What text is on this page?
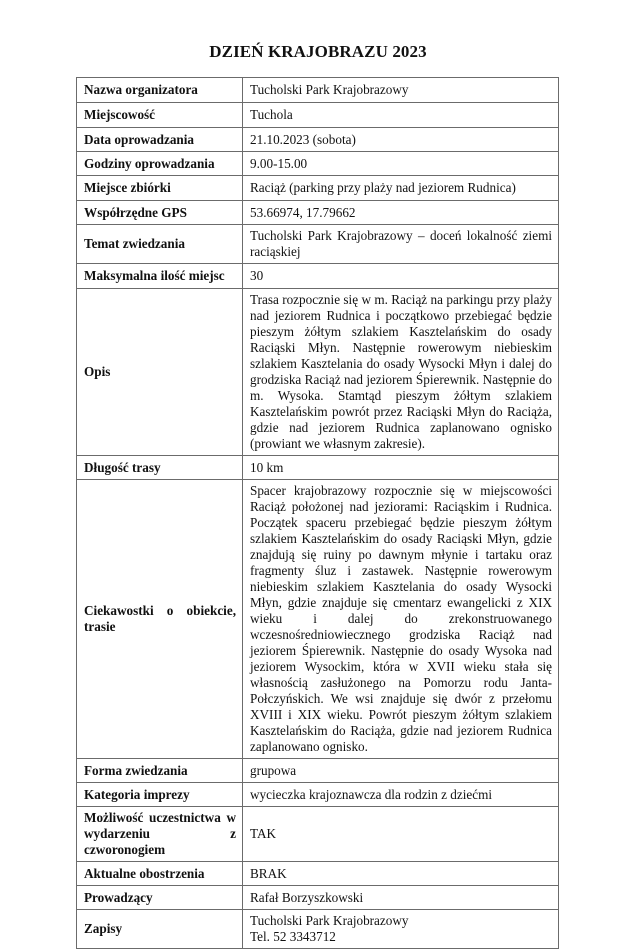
DZIEŃ KRAJOBRAZU 2023
Nazwa organizatora	Tucholski Park Krajobrazowy
Miejscowość	Tuchola
Data oprowadzania	21.10.2023 (sobota)
Godziny oprowadzania	9.00-15.00
Miejsce zbiórki	Raciąż (parking przy plaży nad jeziorem Rudnica)
Współrzędne GPS	53.66974, 17.79662
Temat zwiedzania	Tucholski Park Krajobrazowy – doceń lokalność ziemi raciąskiej
Maksymalna ilość miejsc	30
Opis	Trasa rozpocznie się w m. Raciąż na parkingu przy plaży nad jeziorem Rudnica i początkowo przebiegać będzie pieszym żółtym szlakiem Kasztelańskim do osady Raciąski Młyn. Następnie rowerowym niebieskim szlakiem Kasztelania do osady Wysocki Młyn i dalej do grodziska Raciąż nad jeziorem Śpierewnik. Następnie do m. Wysoka. Stamtąd pieszym żółtym szlakiem Kasztelańskim powrót przez Raciąski Młyn do Raciąża, gdzie nad jeziorem Rudnica zaplanowano ognisko (prowiant we własnym zakresie).
Długość trasy	10 km
Ciekawostki o obiekcie, trasie	Spacer krajobrazowy rozpocznie się w miejscowości Raciąż położonej nad jeziorami: Raciąskim i Rudnica. Początek spaceru przebiegać będzie pieszym żółtym szlakiem Kasztelańskim do osady Raciąski Młyn, gdzie znajdują się ruiny po dawnym młynie i tartaku oraz fragmenty śluz i zastawek. Następnie rowerowym niebieskim szlakiem Kasztelania do osady Wysocki Młyn, gdzie znajduje się cmentarz ewangelicki z XIX wieku i dalej do zrekonstruowanego wczesnośredniowiecznego grodziska Raciąż nad jeziorem Śpierewnik. Następnie do osady Wysoka nad jeziorem Wysockim, która w XVII wieku stała się własnością zasłużonego na Pomorzu rodu Janta-Połczyńskich. We wsi znajduje się dwór z przełomu XVIII i XIX wieku. Powrót pieszym żółtym szlakiem Kasztelańskim do Raciąża, gdzie nad jeziorem Rudnica zaplanowano ognisko.
Forma zwiedzania	grupowa
Kategoria imprezy	wycieczka krajoznawcza dla rodzin z dziećmi
Możliwość uczestnictwa w wydarzeniu z czworonogiem	TAK
Aktualne obostrzenia	BRAK
Prowadzący	Rafał Borzyszkowski
Zapisy	Tucholski Park Krajobrazowy
Tel. 52 3343712
